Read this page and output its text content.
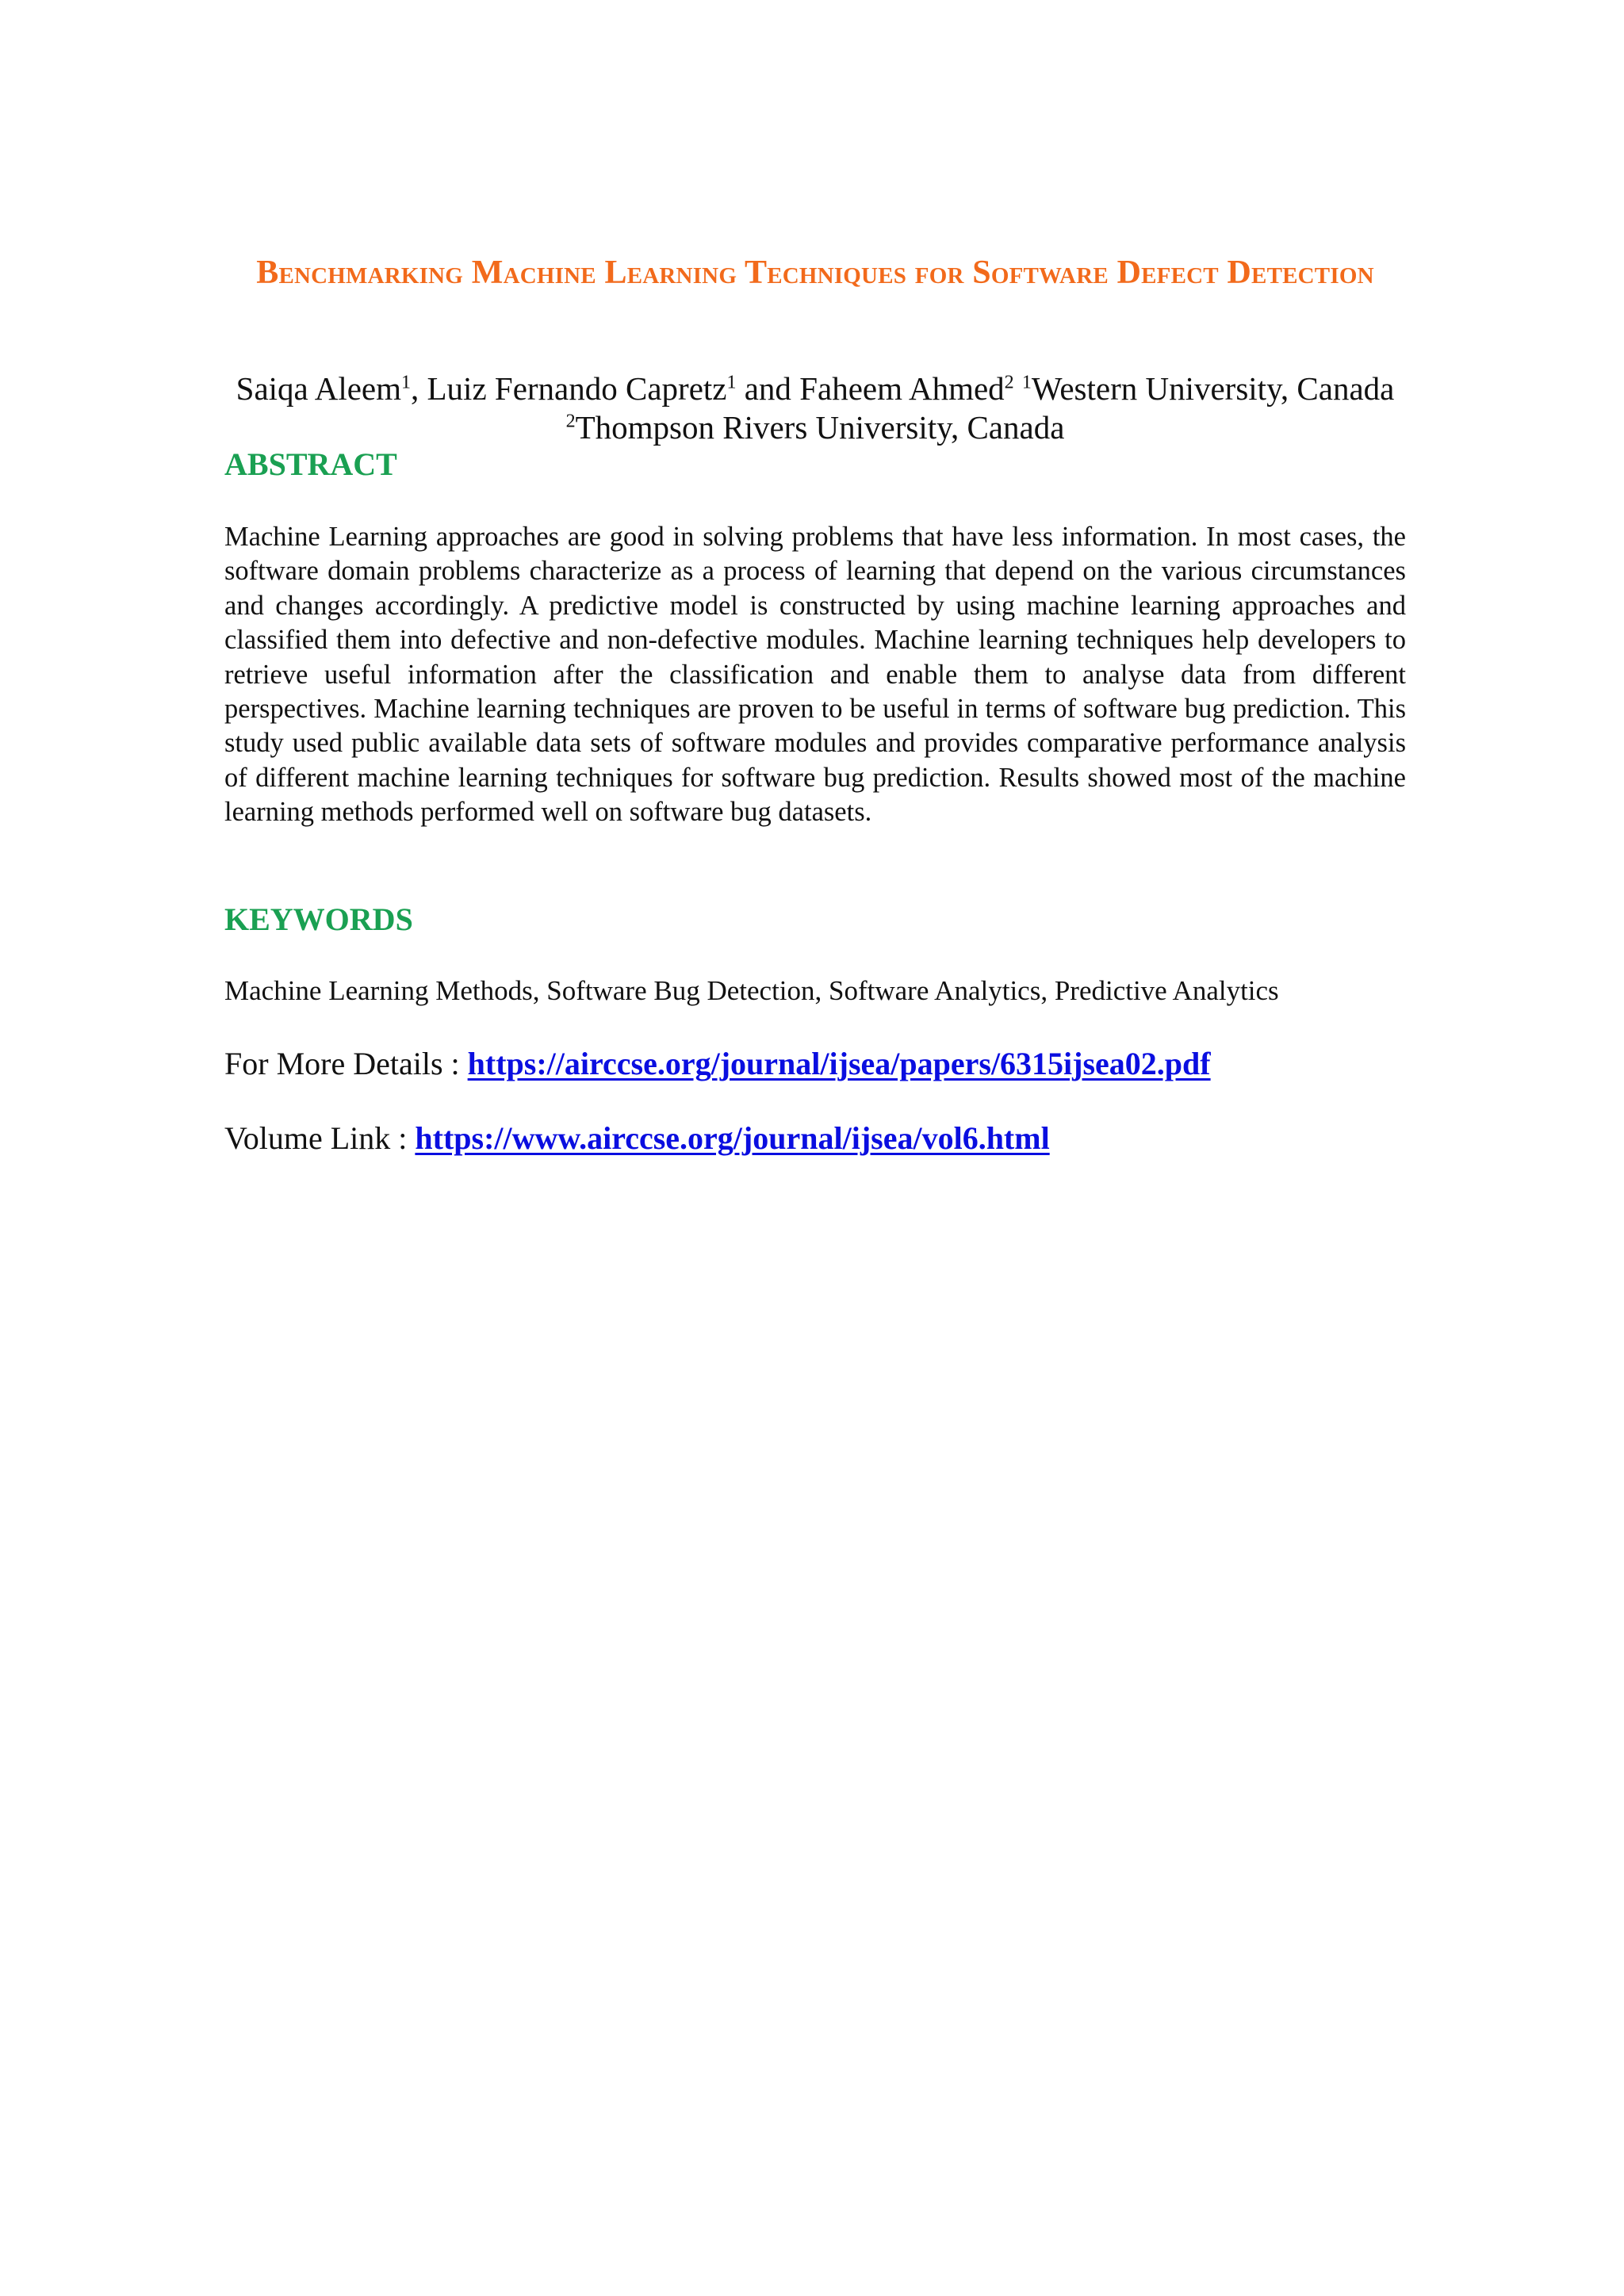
Benchmarking Machine Learning Techniques for Software Defect Detection
Saiqa Aleem$^1$, Luiz Fernando Capretz$^1$ and Faheem Ahmed$^2$ $^1$Western University, Canada
$^2$Thompson Rivers University, Canada
ABSTRACT
Machine Learning approaches are good in solving problems that have less information. In most cases, the software domain problems characterize as a process of learning that depend on the various circumstances and changes accordingly. A predictive model is constructed by using machine learning approaches and classified them into defective and non-defective modules. Machine learning techniques help developers to retrieve useful information after the classification and enable them to analyse data from different perspectives. Machine learning techniques are proven to be useful in terms of software bug prediction. This study used public available data sets of software modules and provides comparative performance analysis of different machine learning techniques for software bug prediction. Results showed most of the machine learning methods performed well on software bug datasets.
KEYWORDS
Machine Learning Methods, Software Bug Detection, Software Analytics, Predictive Analytics
For More Details : https://airccse.org/journal/ijsea/papers/6315ijsea02.pdf
Volume Link : https://www.airccse.org/journal/ijsea/vol6.html
